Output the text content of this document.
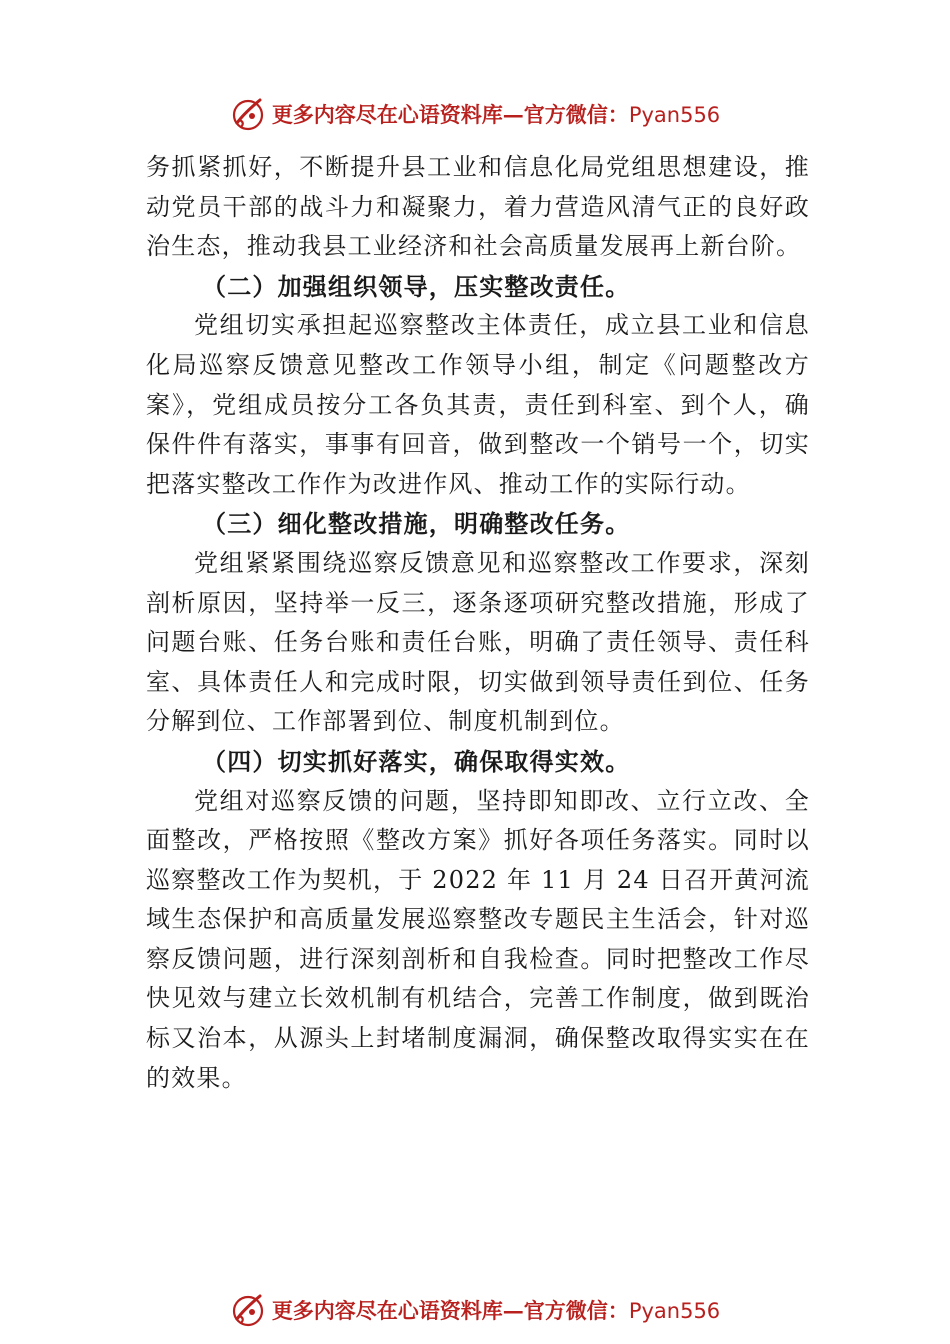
更多内容尽在心语资料库—官方微信：Pyan556

务抓紧抓好，不断提升县工业和信息化局党组思想建设，推动党员干部的战斗力和凝聚力，着力营造风清气正的良好政治生态，推动我县工业经济和社会高质量发展再上新台阶。

（二）加强组织领导，压实整改责任。

党组切实承担起巡察整改主体责任，成立县工业和信息化局巡察反馈意见整改工作领导小组，制定《问题整改方案》，党组成员按分工各负其责，责任到科室、到个人，确保件件有落实，事事有回音，做到整改一个销号一个，切实把落实整改工作作为改进作风、推动工作的实际行动。

（三）细化整改措施，明确整改任务。

党组紧紧围绕巡察反馈意见和巡察整改工作要求，深刻剖析原因，坚持举一反三，逐条逐项研究整改措施，形成了问题台账、任务台账和责任台账，明确了责任领导、责任科室、具体责任人和完成时限，切实做到领导责任到位、任务分解到位、工作部署到位、制度机制到位。

（四）切实抓好落实，确保取得实效。

党组对巡察反馈的问题，坚持即知即改、立行立改、全面整改，严格按照《整改方案》抓好各项任务落实。同时以 巡察整改工作为契机，于 2022 年 11 月 24 日召开黄河流域生态保护和高质量发展巡察整改专题民主生活会，针对巡察反馈问题，进行深刻剖析和自我检查。同时把整改工作尽快见效与建立长效机制有机结合，完善工作制度，做到既治标又治本，从源头上封堵制度漏洞，确保整改取得实实在在的效果。

更多内容尽在心语资料库—官方微信：Pyan556
